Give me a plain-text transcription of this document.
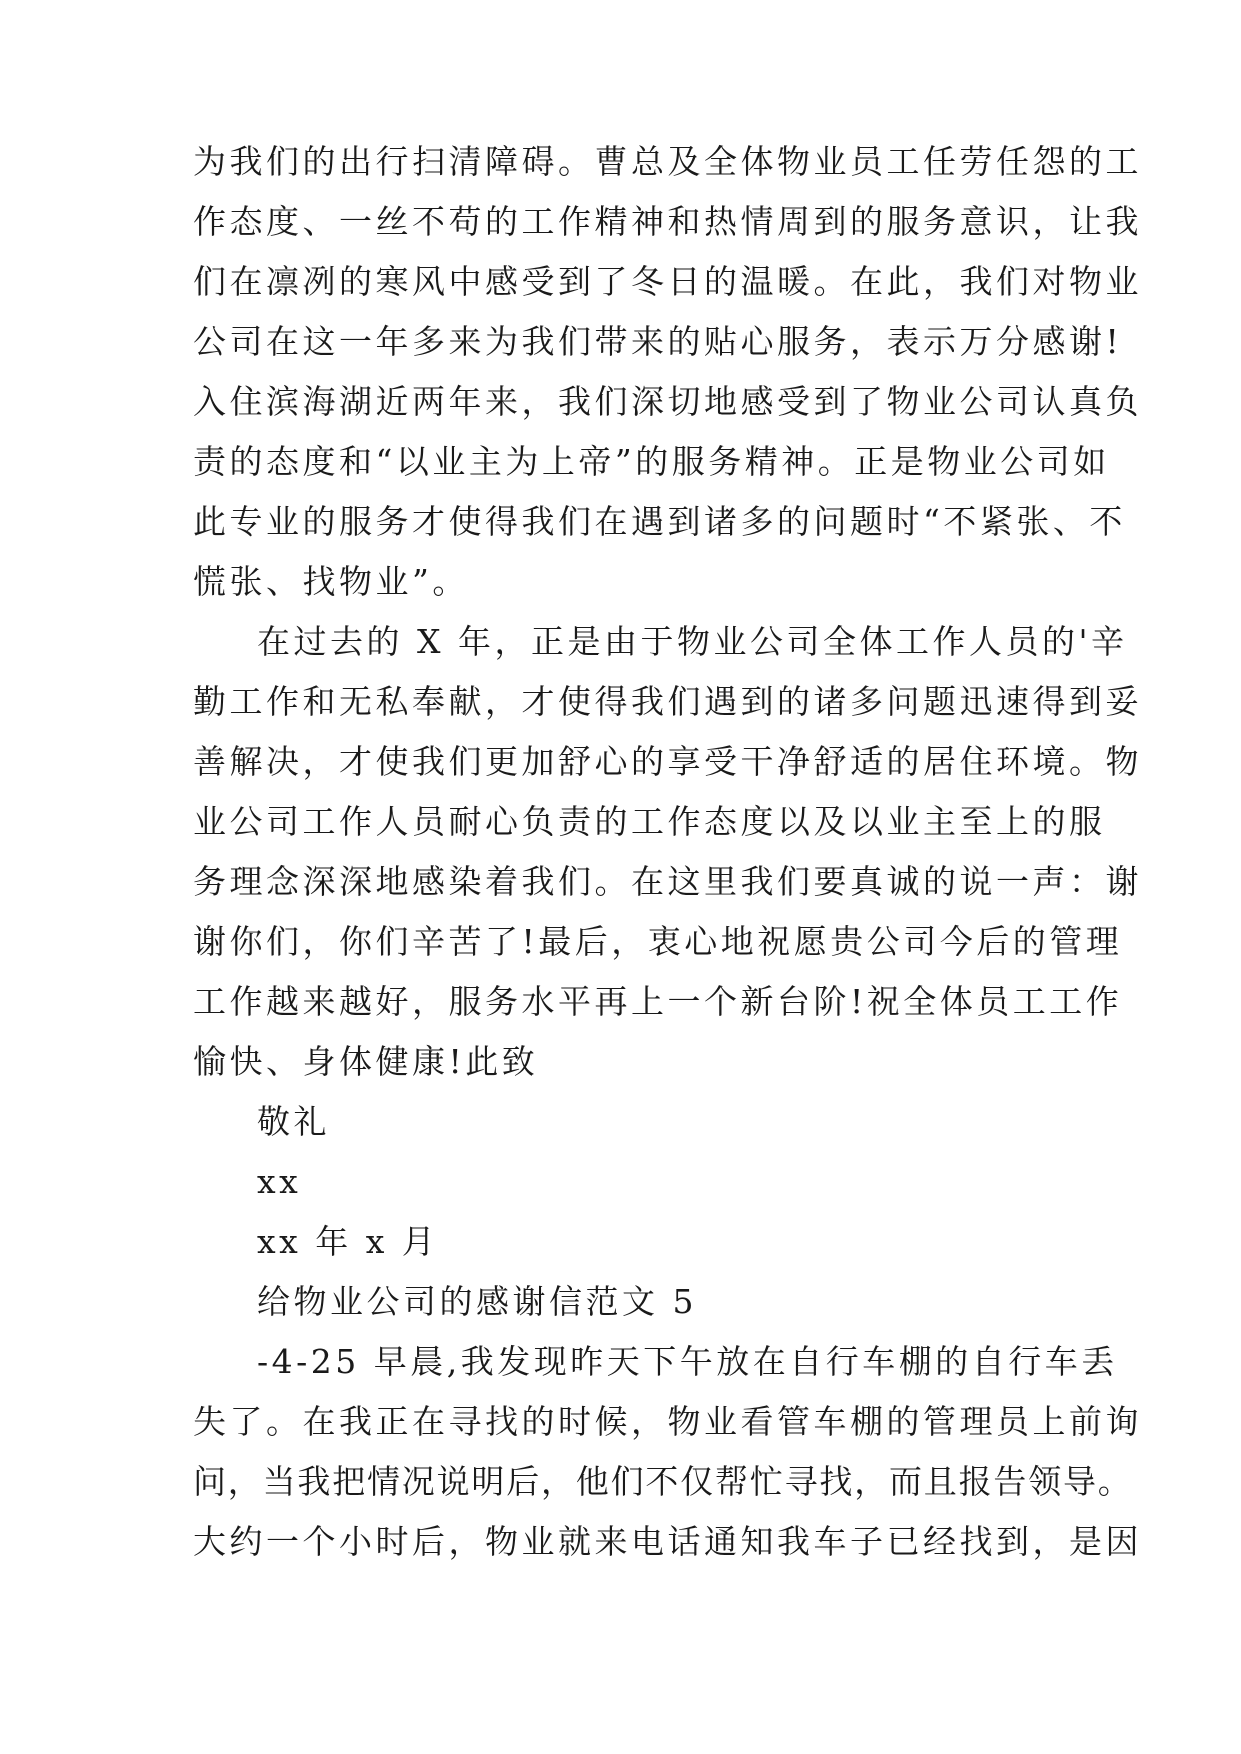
为我们的出行扫清障碍。曹总及全体物业员工任劳任怨的工
作态度、一丝不苟的工作精神和热情周到的服务意识，让我
们在凛冽的寒风中感受到了冬日的温暖。在此，我们对物业
公司在这一年多来为我们带来的贴心服务，表示万分感谢!
入住滨海湖近两年来，我们深切地感受到了物业公司认真负
责的态度和“以业主为上帝”的服务精神。正是物业公司如
此专业的服务才使得我们在遇到诸多的问题时“不紧张、不
慌张、找物业”。
在过去的 X 年，正是由于物业公司全体工作人员的'辛
勤工作和无私奉献，才使得我们遇到的诸多问题迅速得到妥
善解决，才使我们更加舒心的享受干净舒适的居住环境。物
业公司工作人员耐心负责的工作态度以及以业主至上的服
务理念深深地感染着我们。在这里我们要真诚的说一声：谢
谢你们，你们辛苦了!最后，衷心地祝愿贵公司今后的管理
工作越来越好，服务水平再上一个新台阶!祝全体员工工作
愉快、身体健康!此致
敬礼
xx
xx 年 x 月
给物业公司的感谢信范文 5
-4-25 早晨,我发现昨天下午放在自行车棚的自行车丢
失了。在我正在寻找的时候，物业看管车棚的管理员上前询
问，当我把情况说明后，他们不仅帮忙寻找，而且报告领导。
大约一个小时后，物业就来电话通知我车子已经找到，是因
